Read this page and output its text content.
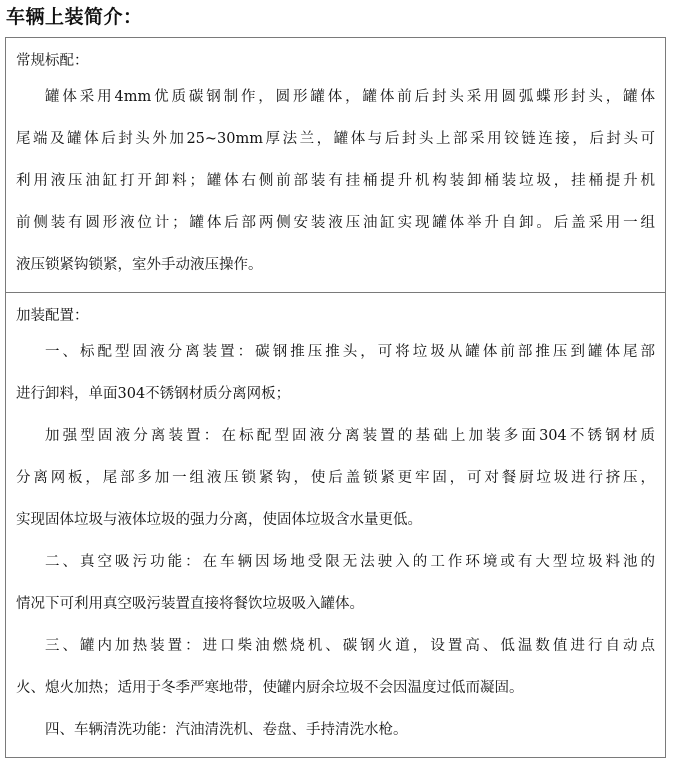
车辆上装简介：
常规标配：

罐体采用4mm优质碳钢制作，圆形罐体，罐体前后封头采用圆弧蝶形封头，罐体
尾端及罐体后封头外加25~30mm厚法兰，罐体与后封头上部采用铰链连接，后封头可
利用液压油缸打开卸料；罐体右侧前部装有挂桶提升机构装卸桶装垃圾，挂桶提升机
前侧装有圆形液位计；罐体后部两侧安装液压油缸实现罐体举升自卸。后盖采用一组
液压锁紧钩锁紧，室外手动液压操作。

加装配置：

一、标配型固液分离装置：碳钢推压推头，可将垃圾从罐体前部推压到罐体尾部
进行卸料，单面304不锈钢材质分离网板；

加强型固液分离装置：在标配型固液分离装置的基础上加装多面304不锈钢材质
分离网板，尾部多加一组液压锁紧钩，使后盖锁紧更牢固，可对餐厨垃圾进行挤压，
实现固体垃圾与液体垃圾的强力分离，使固体垃圾含水量更低。

二、真空吸污功能：在车辆因场地受限无法驶入的工作环境或有大型垃圾料池的
情况下可利用真空吸污装置直接将餐饮垃圾吸入罐体。

三、罐内加热装置：进口柴油燃烧机、碳钢火道，设置高、低温数值进行自动点
火、熄火加热；适用于冬季严寒地带，使罐内厨余垃圾不会因温度过低而凝固。

四、车辆清洗功能：汽油清洗机、卷盘、手持清洗水枪。
